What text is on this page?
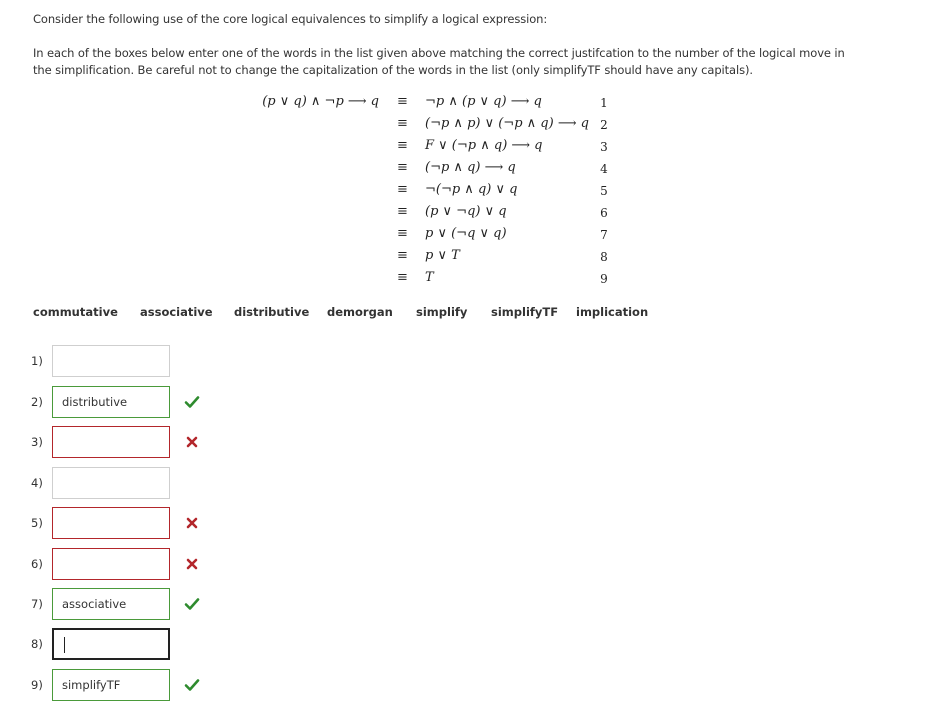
Consider the following use of the core logical equivalences to simplify a logical expression:
In each of the boxes below enter one of the words in the list given above matching the correct justifcation to the number of the logical move in
the simplification. Be careful not to change the capitalization of the words in the list (only simplifyTF should have any capitals).
(p ∨ q) ∧ ¬p ⟶ q ≡ ¬p ∧ (p ∨ q) ⟶ q	1
≡ (¬p ∧ p) ∨ (¬p ∧ q) ⟶ q 2
≡ F ∨ (¬p ∧ q) ⟶ q	3
≡ (¬p ∧ q) ⟶ q	4
≡ ¬(¬p ∧ q) ∨ q	5
≡ (p ∨ ¬q) ∨ q	6
≡ p ∨ (¬q ∨ q)	7
≡ p ∨ T	8
≡ T	9
commutative associative distributive demorgan simplify simplifyTF implication
1)
2)	distributive
3)
4)
5)
6)
7)	associative
8)
9)	simplifyTF
